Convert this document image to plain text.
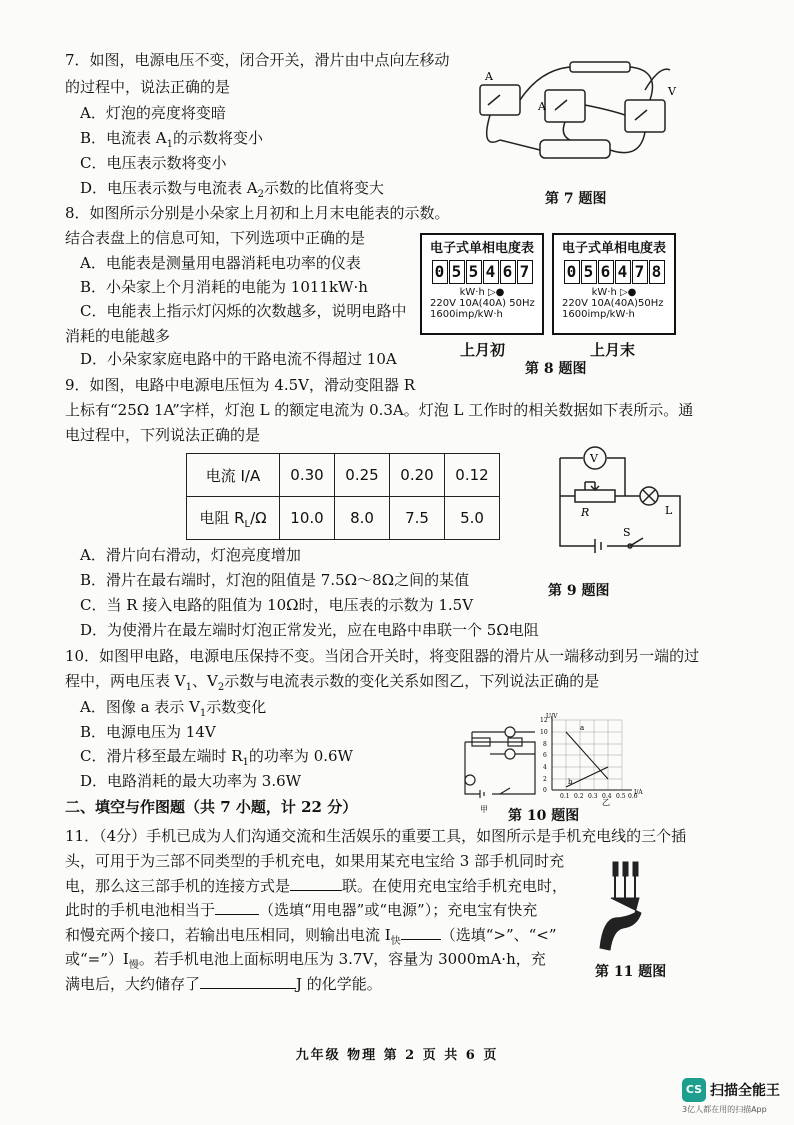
7．如图，电源电压不变，闭合开关，滑片由中点向左移动
的过程中，说法正确的是
A．灯泡的亮度将变暗
B．电流表 $A_1$的示数将变小
C．电压表示数将变小
D．电压表示数与电流表 $A_2$示数的比值将变大
A
A
V
第 7 题图
8．如图所示分别是小朵家上月初和上月末电能表的示数。
结合表盘上的信息可知，下列选项中正确的是
A．电能表是测量用电器消耗电功率的仪表
B．小朵家上个月消耗的电能为 1011kW·h
C．电能表上指示灯闪烁的次数越多，说明电路中
消耗的电能越多
D．小朵家家庭电路中的干路电流不得超过 10A
电子式单相电度表
0 5 5 4 6 7
kW·h ▷●
220V 10A(40A) 50Hz
1600imp/kW·h
电子式单相电度表
0 5 6 4 7 8
kW·h ▷●
220V 10A(40A)50Hz
1600imp/kW·h
上月初	上月末
第 8 题图
9．如图，电路中电源电压恒为 4.5V，滑动变阻器 R
上标有“25Ω 1A”字样，灯泡 L 的额定电流为 0.3A。灯泡 L 工作时的相关数据如下表所示。通
电过程中，下列说法正确的是
电流 I/A	0.30	0.25	0.20	0.12
电阻 $R_L/\Omega$	10.0	8.0	7.5	5.0
V
R	L
S
A．滑片向右滑动，灯泡亮度增加
B．滑片在最右端时，灯泡的阻值是 7.5Ω～8Ω之间的某值
第 9 题图
C．当 R 接入电路的阻值为 10Ω时，电压表的示数为 1.5V
D．为使滑片在最左端时灯泡正常发光，应在电路中串联一个 5Ω电阻
10．如图甲电路，电源电压保持不变。当闭合开关时，将变阻器的滑片从一端移动到另一端的过
程中，两电压表 $V_1$、$V_2$示数与电流表示数的变化关系如图乙，下列说法正确的是
A．图像 a 表示 $V_1$示数变化
B．电源电压为 14V
C．滑片移至最左端时 $R_1$的功率为 0.6W
D．电路消耗的最大功率为 3.6W
甲
U/V
I/A
12
10
8
6
4
2
0
0.1 0.2 0.3 0.4 0.5 0.6
a
b
乙
第 10 题图
二、填空与作图题（共 7 小题，计 22 分）
11．（4分）手机已成为人们沟通交流和生活娱乐的重要工具，如图所示是手机充电线的三个插
头，可用于为三部不同类型的手机充电，如果用某充电宝给 3 部手机同时充
电，那么这三部手机的连接方式是	联。在使用充电宝给手机充电时，
此时的手机电池相当于	（选填“用电器”或“电源”）；充电宝有快充
和慢充两个接口，若输出电压相同，则输出电流 $I_快$	（选填“>”、“<”
或“$=”)I_慢$。若手机电池上面标明电压为 3.7V，容量为 3000mA·h，充
满电后，大约储存了	J 的化学能。
第 11 题图
九年级 物理 第 2 页 共 6 页
CS 扫描全能王
3亿人都在用的扫描App
